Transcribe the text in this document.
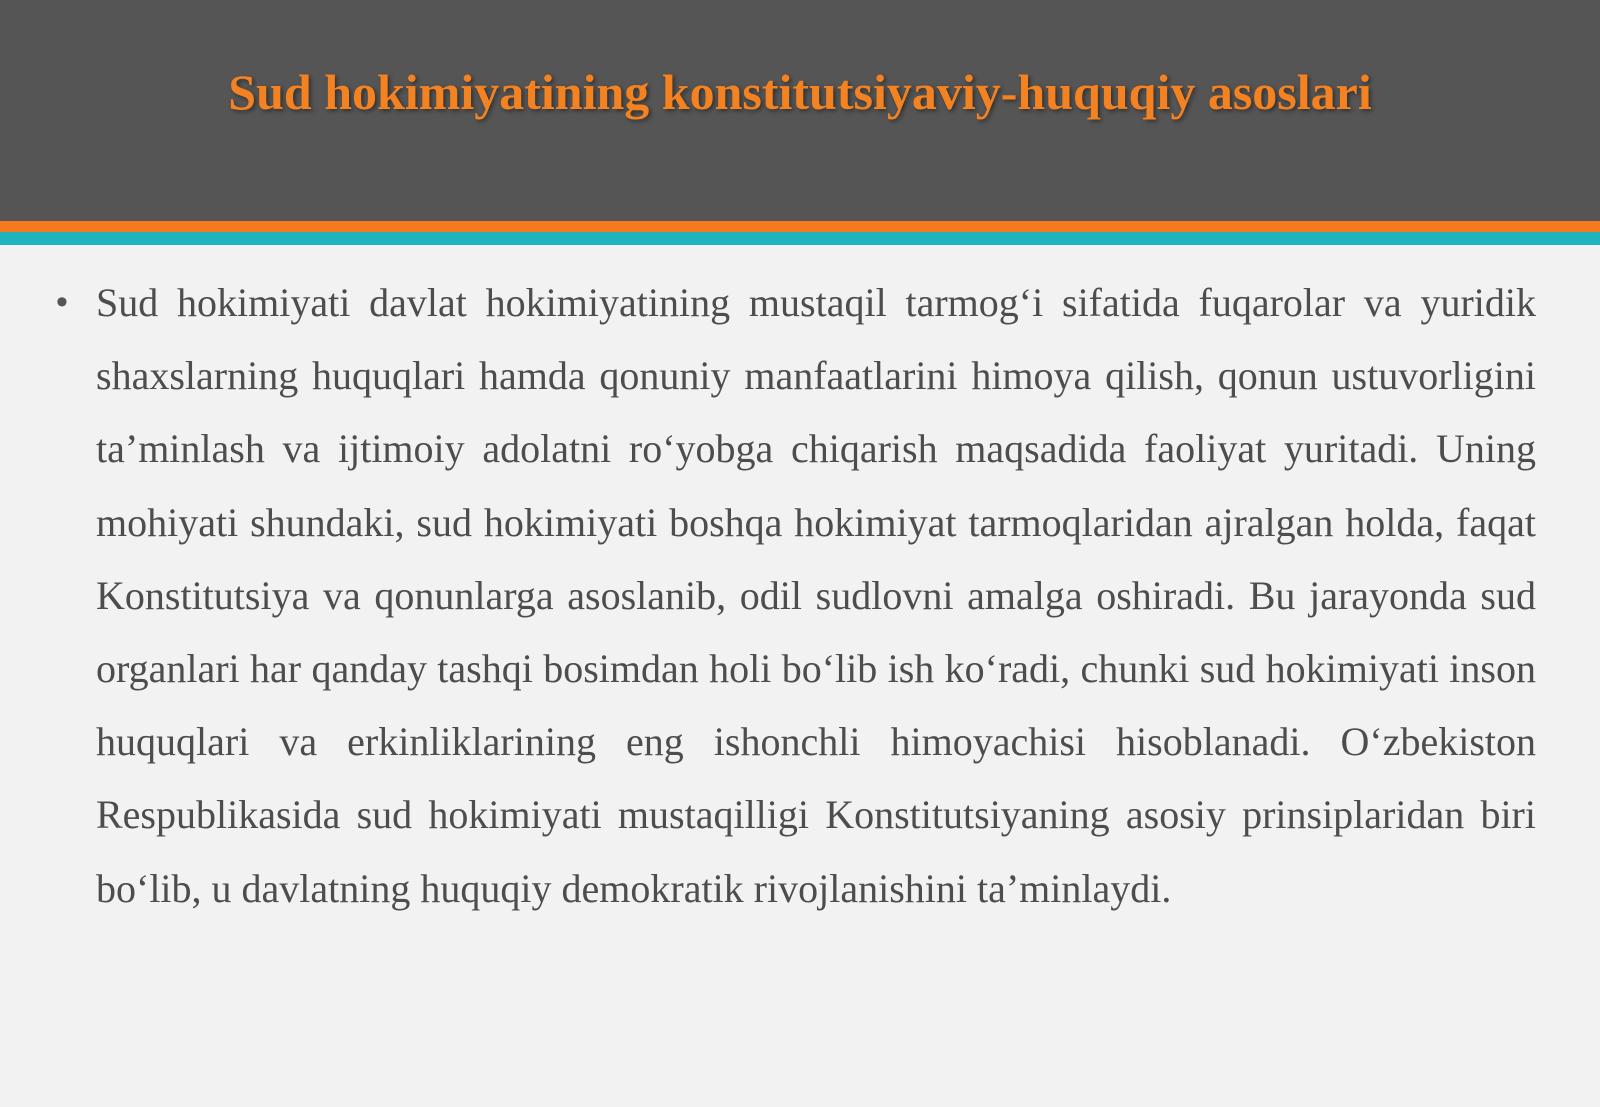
Sud hokimiyatining konstitutsiyaviy-huquqiy asoslari
• Sud hokimiyati davlat hokimiyatining mustaqil tarmog‘i sifatida fuqarolar va yuridik shaxslarning huquqlari hamda qonuniy manfaatlarini himoya qilish, qonun ustuvorligini ta’minlash va ijtimoiy adolatni ro‘yobga chiqarish maqsadida faoliyat yuritadi. Uning mohiyati shundaki, sud hokimiyati boshqa hokimiyat tarmoqlaridan ajralgan holda, faqat Konstitutsiya va qonunlarga asoslanib, odil sudlovni amalga oshiradi. Bu jarayonda sud organlari har qanday tashqi bosimdan holi bo‘lib ish ko‘radi, chunki sud hokimiyati inson huquqlari va erkinliklarining eng ishonchli himoyachisi hisoblanadi. O‘zbekiston Respublikasida sud hokimiyati mustaqilligi Konstitutsiyaning asosiy prinsiplaridan biri bo‘lib, u davlatning huquqiy demokratik rivojlanishini ta’minlaydi.
